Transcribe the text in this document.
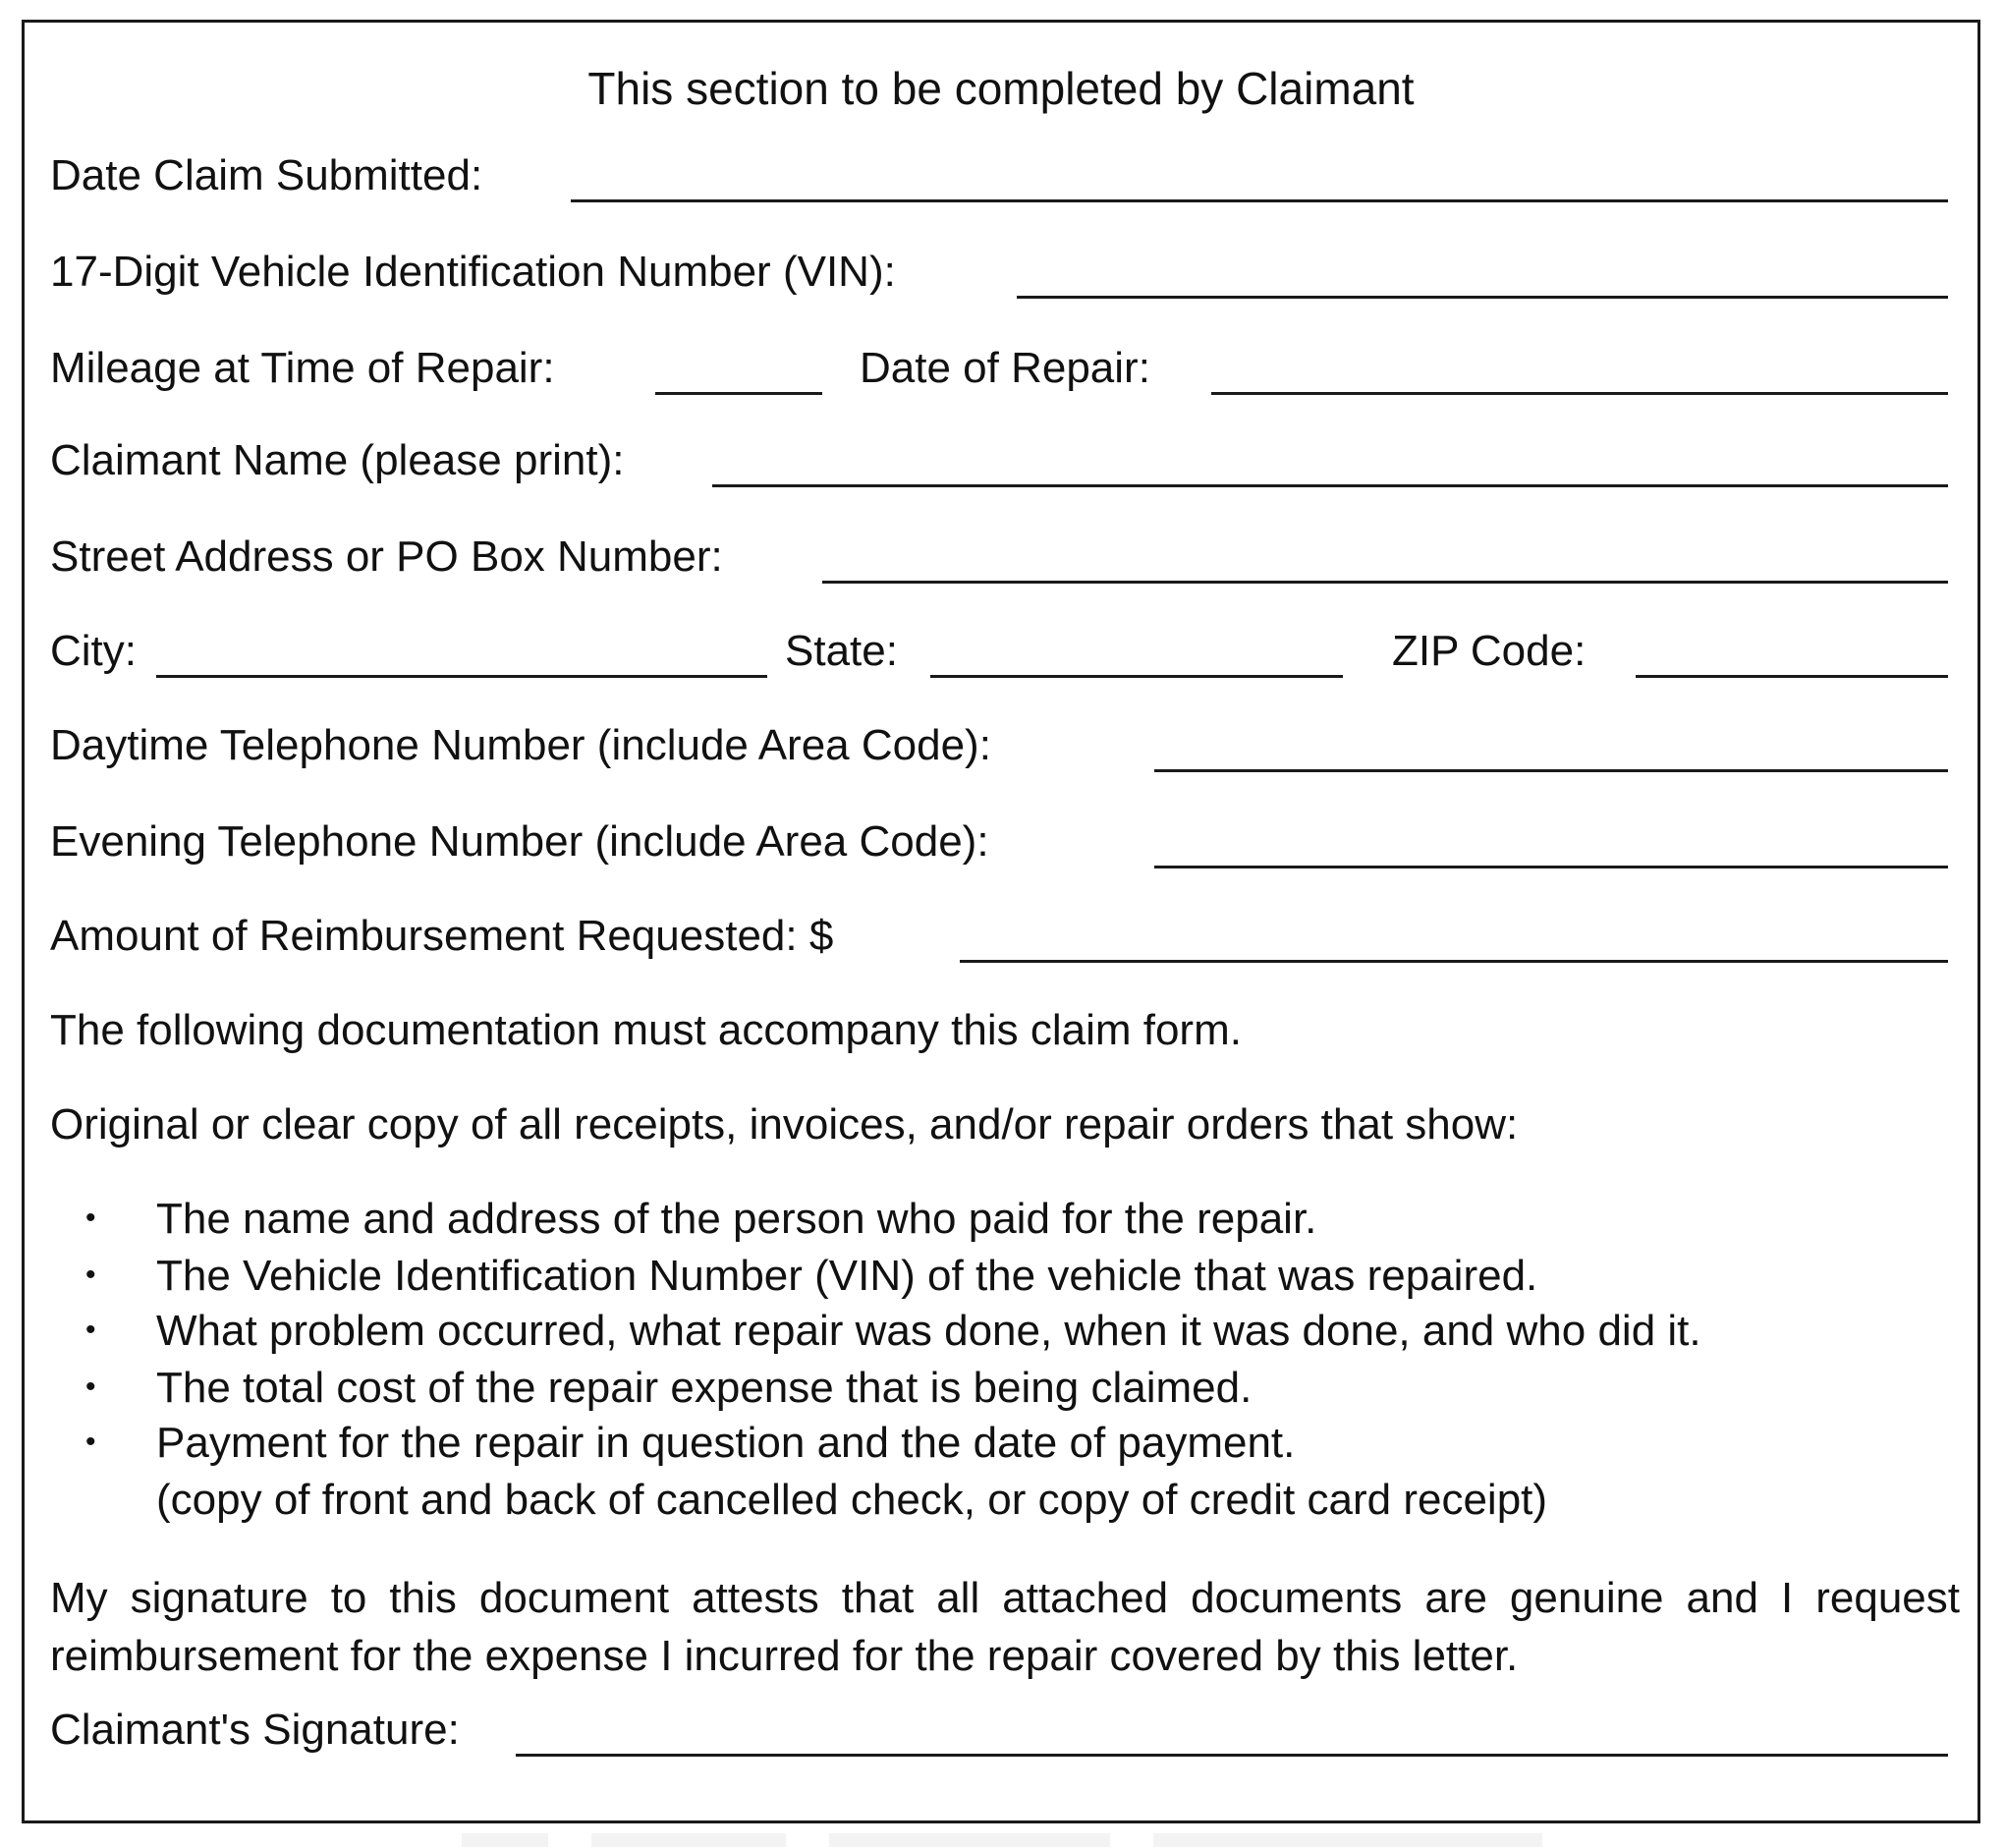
This section to be completed by Claimant
Date Claim Submitted:
17-Digit Vehicle Identification Number (VIN):
Mileage at Time of Repair:	Date of Repair:
Claimant Name (please print):
Street Address or PO Box Number:
City:	State:	ZIP Code:
Daytime Telephone Number (include Area Code):
Evening Telephone Number (include Area Code):
Amount of Reimbursement Requested: $
The following documentation must accompany this claim form.
Original or clear copy of all receipts, invoices, and/or repair orders that show:
• The name and address of the person who paid for the repair.
• The Vehicle Identification Number (VIN) of the vehicle that was repaired.
• What problem occurred, what repair was done, when it was done, and who did it.
• The total cost of the repair expense that is being claimed.
• Payment for the repair in question and the date of payment.
(copy of front and back of cancelled check, or copy of credit card receipt)
My signature to this document attests that all attached documents are genuine and I request reimbursement for the expense I incurred for the repair covered by this letter.
Claimant's Signature:
